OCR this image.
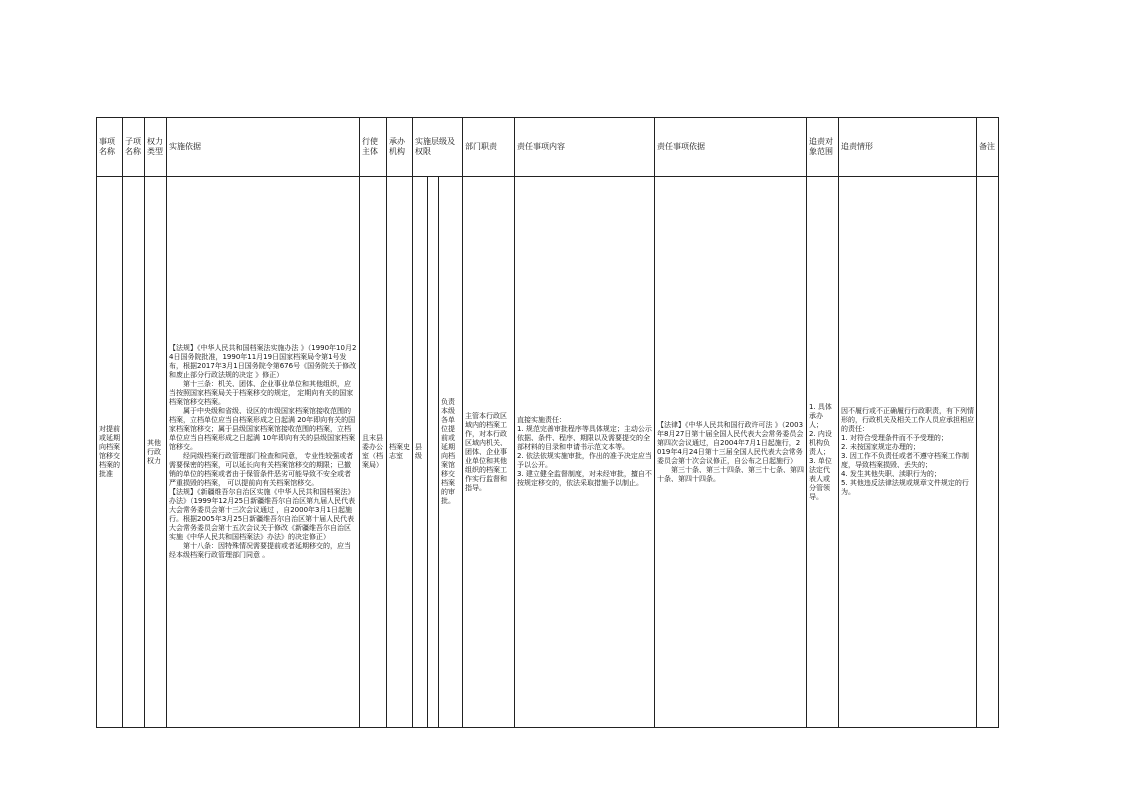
事项名称	子项名称	权力类型	实施依据	行使主体	承办机构	实施层级及权限	部门职责	责任事项内容	责任事项依据	追责对象范围	追责情形	备注
对提前或延期向档案馆移交档案的批准		其他行政权力	【法规】《中华人民共和国档案法实施办法 》（1990年10月24日国务院批准，1990年11月19日国家档案局令第1号发布，根据2017年3月1日国务院令第676号《国务院关于修改和废止部分行政法规的决定 》修正）
　　第十三条：机关、团体、企业事业单位和其他组织，应当按照国家档案局关于档案移交的规定， 定期向有关的国家档案馆移交档案。
　　属于中央级和省级、设区的市级国家档案馆接收范围的档案，立档单位应当自档案形成之日起满 20年即向有关的国家档案馆移交；属于县级国家档案馆接收范围的档案，立档单位应当自档案形成之日起满 10年即向有关的县级国家档案馆移交。
　　经同级档案行政管理部门检查和同意， 专业性较强或者需要保密的档案，可以延长向有关档案馆移交的期限；已撤销的单位的档案或者由于保管条件恶劣可能导致不安全或者严重损毁的档案， 可以提前向有关档案馆移交。
【法规】《新疆维吾尔自治区实施《中华人民共和国档案法》办法》（1999年12月25日新疆维吾尔自治区第九届人民代表大会常务委员会第十三次会议通过 ，自2000年3月1日起施行。根据2005年3月25日新疆维吾尔自治区第十届人民代表大会常务委员会第十五次会议关于修改《新疆维吾尔自治区实施《中华人民共和国档案法》办法》的决定修正）
　　第十八条：因特殊情况需要提前或者延期移交的，应当经本级档案行政管理部门同意 。	且末县委办公室（档案局）	档案史志室	
县级		负责本级各单位提前或延期向档案馆移交档案的审批。
	主管本行政区域内的档案工作，对本行政区域内机关、团体、企业事业单位和其他组织的档案工作实行监督和指导。	直接实施责任：
1. 规范完善审批程序等具体规定；主动公示依据、条件、程序、期限以及需要提交的全部材料的目录和申请书示范文本等。
2. 依法依规实施审批，作出的准予决定应当予以公开。
3. 建立健全监督制度，对未经审批，擅自不按规定移交的，依法采取措施予以制止。	【法律】《中华人民共和国行政许可法 》（2003年8月27日第十届全国人民代表大会常务委员会第四次会议通过，自2004年7月1日起施行，2019年4月24日第十三届全国人民代表大会常务委员会第十次会议修正，自公布之日起施行）
　　第三十条、第三十四条、第三十七条、第四十条、第四十四条。	1. 具体承办人；
2. 内设机构负责人；
3. 单位法定代表人或分管领导。	因不履行或不正确履行行政职责，有下列情形的，行政机关及相关工作人员应承担相应的责任：
1. 对符合受理条件而不予受理的；
2. 未按国家规定办理的；
3. 因工作不负责任或者不遵守档案工作制度，导致档案损毁、丢失的；
4. 发生其他失职、渎职行为的；
5. 其他违反法律法规或规章文件规定的行为。	
